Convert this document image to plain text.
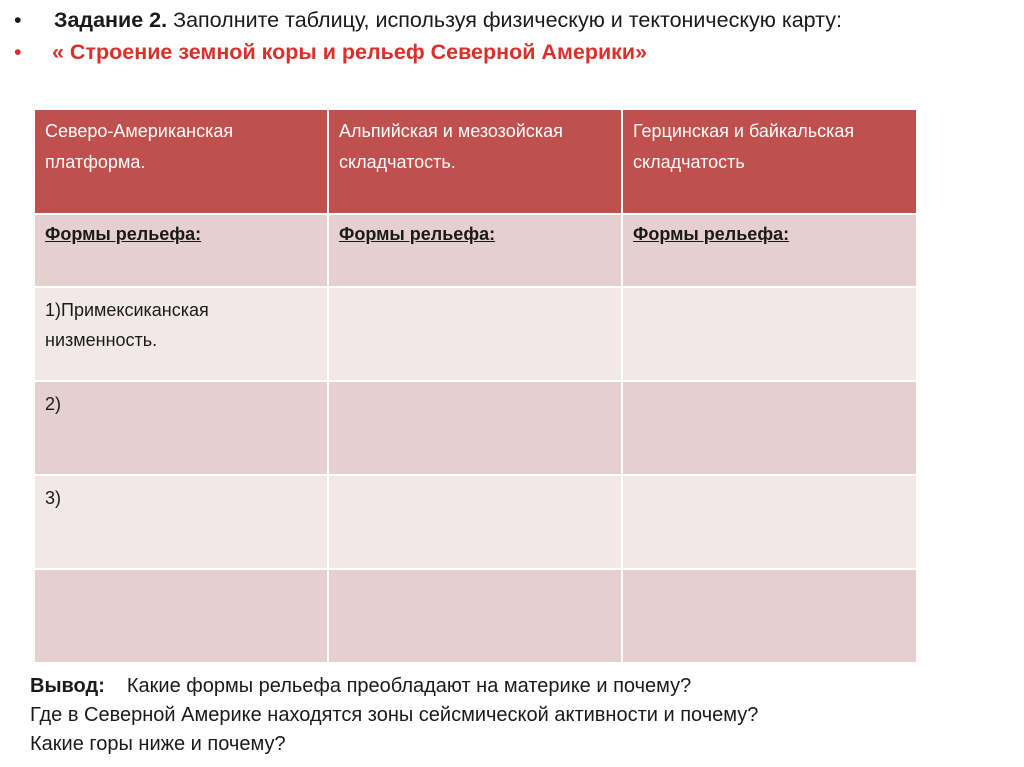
• Задание 2. Заполните таблицу, используя физическую и тектоническую карту:
• « Строение земной коры и рельеф Северной Америки»
Северо-Американская платформа.	Альпийская и мезозойская складчатость.	Герцинская и байкальская складчатость
Формы рельефа:	Формы рельефа:	Формы рельефа:
1)Примексиканская низменность.		
2)		
3)		

Вывод: Какие формы рельефа преобладают на материке и почему?
Где в Северной Америке находятся зоны сейсмической активности и почему?
Какие горы ниже и почему?
